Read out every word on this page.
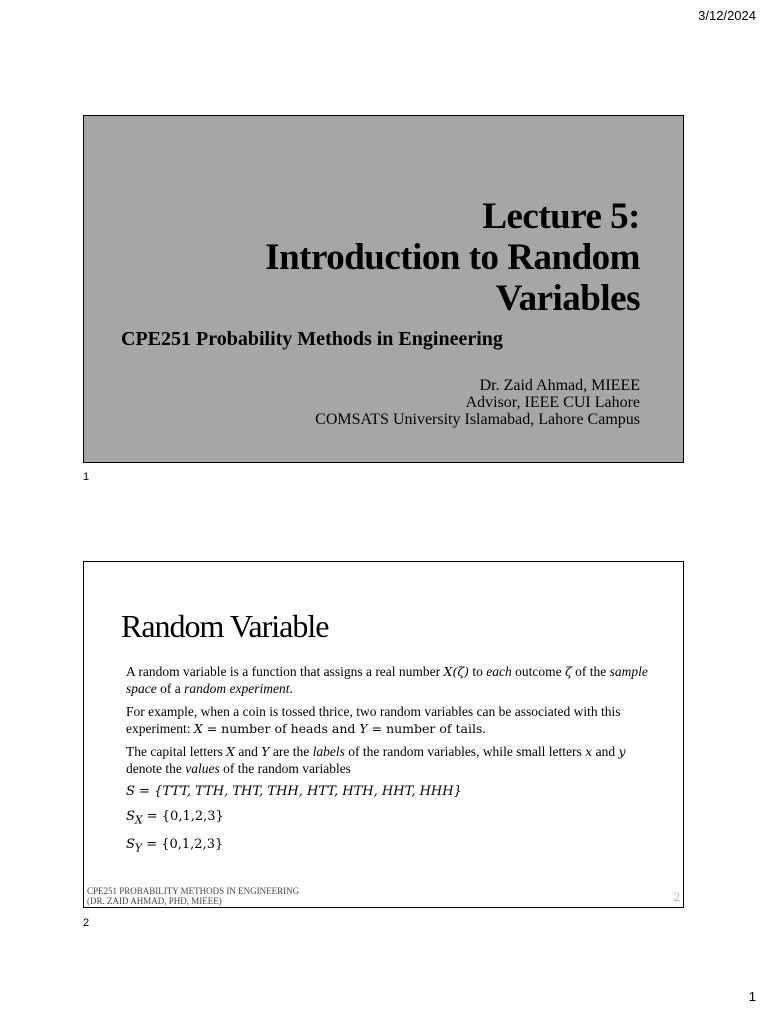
3/12/2024
Lecture 5:
Introduction to Random
Variables
CPE251 Probability Methods in Engineering
Dr. Zaid Ahmad, MIEEE
Advisor, IEEE CUI Lahore
COMSATS University Islamabad, Lahore Campus
1
Random Variable

A random variable is a function that assigns a real number X(ζ) to each outcome ζ of the sample space of a random experiment.

For example, when a coin is tossed thrice, two random variables can be associated with this experiment: X = number of heads and Y = number of tails.

The capital letters X and Y are the labels of the random variables, while small letters x and y denote the values of the random variables

S = {TTT, TTH, THT, THH, HTT, HTH, HHT, HHH}
$S_X = \{0,1,2,3\}$
$S_Y = \{0,1,2,3\}$
CPE251 PROBABILITY METHODS IN ENGINEERING
(DR. ZAID AHMAD, PHD, MIEEE)	2
2
1
